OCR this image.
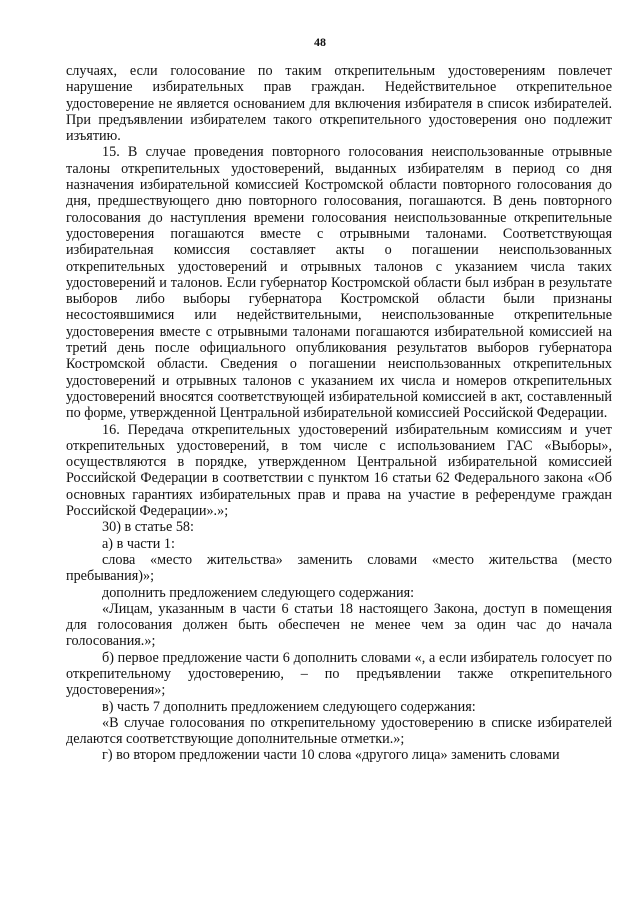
48

случаях, если голосование по таким открепительным удостоверениям повлечет нарушение избирательных прав граждан. Недействительное открепительное удостоверение не является основанием для включения избирателя в список избирателей. При предъявлении избирателем такого открепительного удостоверения оно подлежит изъятию.

15. В случае проведения повторного голосования неиспользованные отрывные талоны открепительных удостоверений, выданных избирателям в период со дня назначения избирательной комиссией Костромской области повторного голосования до дня, предшествующего дню повторного голосования, погашаются. В день повторного голосования до наступления времени голосования неиспользованные открепительные удостоверения погашаются вместе с отрывными талонами. Соответствующая избирательная комиссия составляет акты о погашении неиспользованных открепительных удостоверений и отрывных талонов с указанием числа таких удостоверений и талонов. Если губернатор Костромской области был избран в результате выборов либо выборы губернатора Костромской области были признаны несостоявшимися или недействительными, неиспользованные открепительные удостоверения вместе с отрывными талонами погашаются избирательной комиссией на третий день после официального опубликования результатов выборов губернатора Костромской области. Сведения о погашении неиспользованных открепительных удостоверений и отрывных талонов с указанием их числа и номеров открепительных удостоверений вносятся соответствующей избирательной комиссией в акт, составленный по форме, утвержденной Центральной избирательной комиссией Российской Федерации.

16. Передача открепительных удостоверений избирательным комиссиям и учет открепительных удостоверений, в том числе с использованием ГАС «Выборы», осуществляются в порядке, утвержденном Центральной избирательной комиссией Российской Федерации в соответствии с пунктом 16 статьи 62 Федерального закона «Об основных гарантиях избирательных прав и права на участие в референдуме граждан Российской Федерации».»;

30) в статье 58:

а) в части 1:

слова «место жительства» заменить словами «место жительства (место пребывания)»;

дополнить предложением следующего содержания:

«Лицам, указанным в части 6 статьи 18 настоящего Закона, доступ в помещения для голосования должен быть обеспечен не менее чем за один час до начала голосования.»;

б) первое предложение части 6 дополнить словами «, а если избиратель голосует по открепительному удостоверению, – по предъявлении также открепительного удостоверения»;

в) часть 7 дополнить предложением следующего содержания:

«В случае голосования по открепительному удостоверению в списке избирателей делаются соответствующие дополнительные отметки.»;

г) во втором предложении части 10 слова «другого лица» заменить словами
